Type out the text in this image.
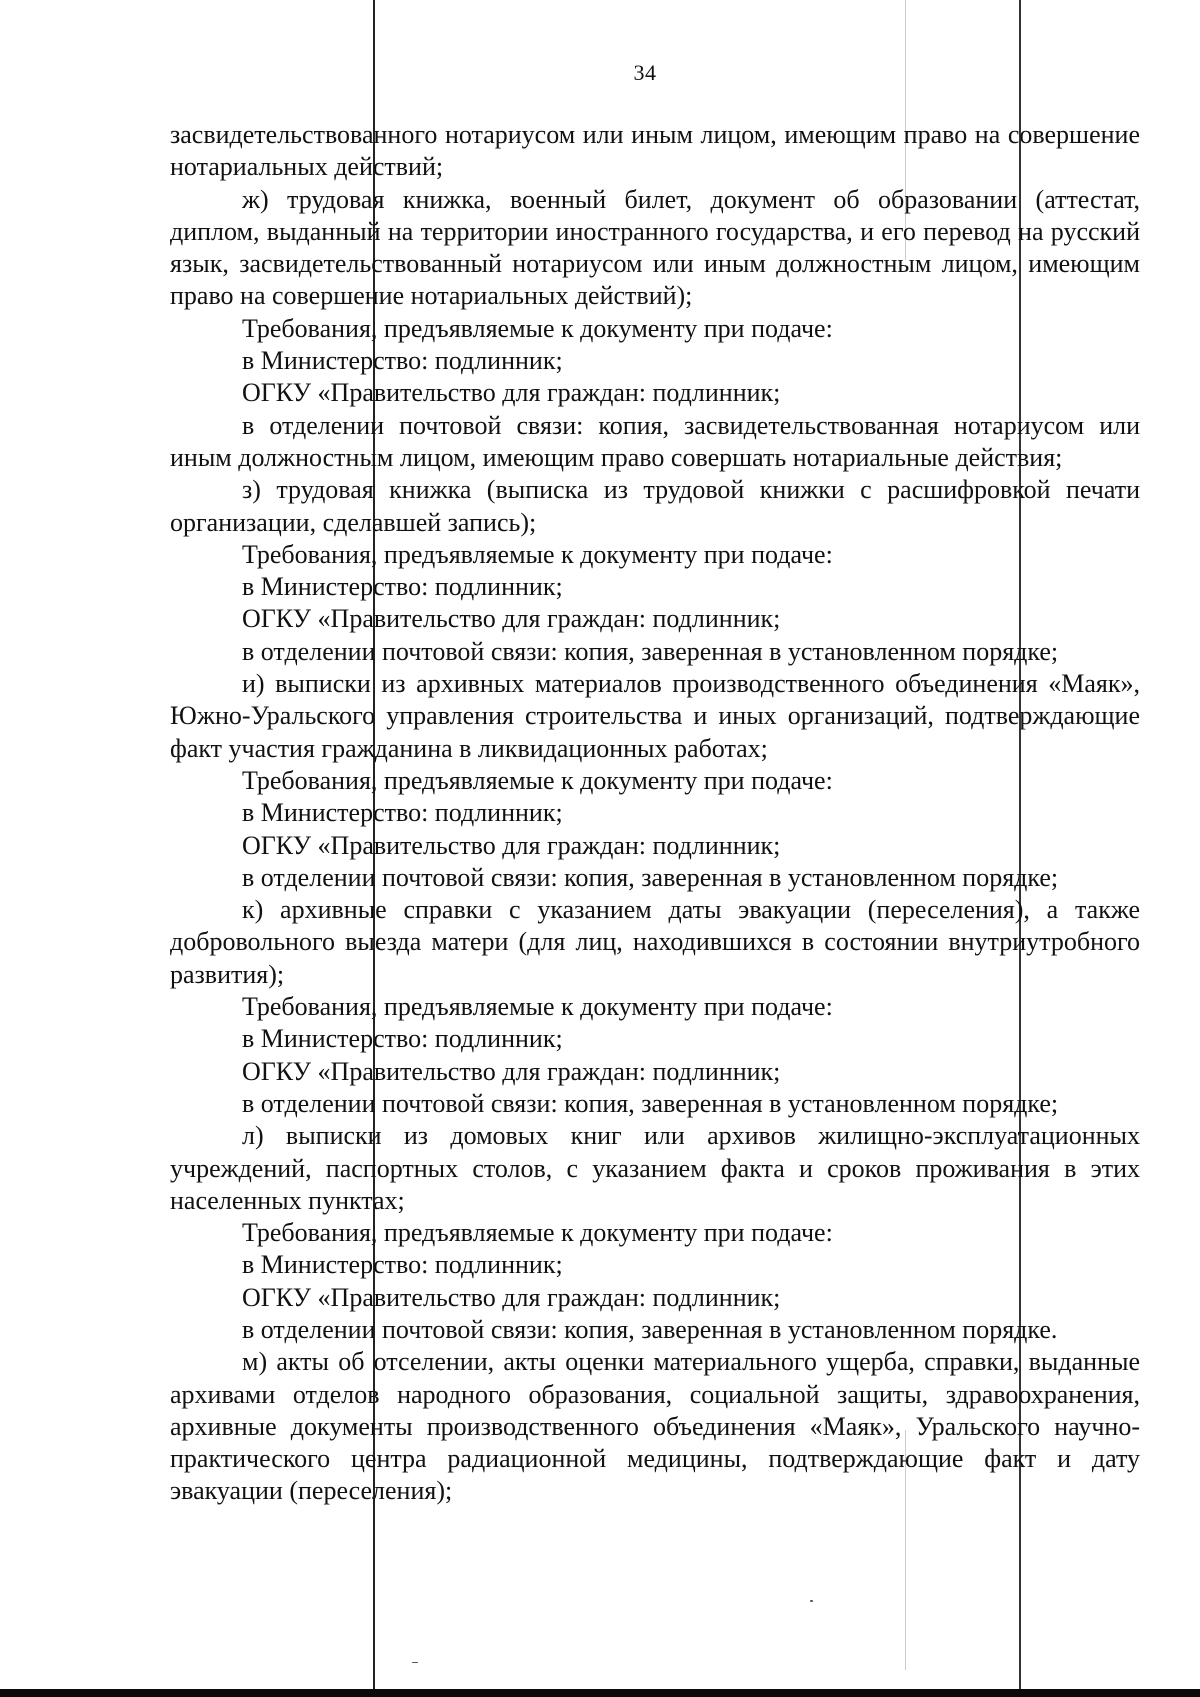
34

засвидетельствованного нотариусом или иным лицом, имеющим право на совершение нотариальных действий;

ж) трудовая книжка, военный билет, документ об образовании (аттестат, диплом, выданный на территории иностранного государства, и его перевод на русский язык, засвидетельствованный нотариусом или иным должностным лицом, имеющим право на совершение нотариальных действий);

Требования, предъявляемые к документу при подаче:

в Министерство: подлинник;

ОГКУ «Правительство для граждан: подлинник;

в отделении почтовой связи: копия, засвидетельствованная нотариусом или иным должностным лицом, имеющим право совершать нотариальные действия;

з) трудовая книжка (выписка из трудовой книжки с расшифровкой печати организации, сделавшей запись);

Требования, предъявляемые к документу при подаче:

в Министерство: подлинник;

ОГКУ «Правительство для граждан: подлинник;

в отделении почтовой связи: копия, заверенная в установленном порядке;

и) выписки из архивных материалов производственного объединения «Маяк», Южно-Уральского управления строительства и иных организаций, подтверждающие факт участия гражданина в ликвидационных работах;

Требования, предъявляемые к документу при подаче:

в Министерство: подлинник;

ОГКУ «Правительство для граждан: подлинник;

в отделении почтовой связи: копия, заверенная в установленном порядке;

к) архивные справки с указанием даты эвакуации (переселения), а также добровольного выезда матери (для лиц, находившихся в состоянии внутриутробного развития);

Требования, предъявляемые к документу при подаче:

в Министерство: подлинник;

ОГКУ «Правительство для граждан: подлинник;

в отделении почтовой связи: копия, заверенная в установленном порядке;

л) выписки из домовых книг или архивов жилищно-эксплуатационных учреждений, паспортных столов, с указанием факта и сроков проживания в этих населенных пунктах;

Требования, предъявляемые к документу при подаче:

в Министерство: подлинник;

ОГКУ «Правительство для граждан: подлинник;

в отделении почтовой связи: копия, заверенная в установленном порядке.

м) акты об отселении, акты оценки материального ущерба, справки, выданные архивами отделов народного образования, социальной защиты, здравоохранения, архивные документы производственного объединения «Маяк», Уральского научно-практического центра радиационной медицины, подтверждающие факт и дату эвакуации (переселения);
